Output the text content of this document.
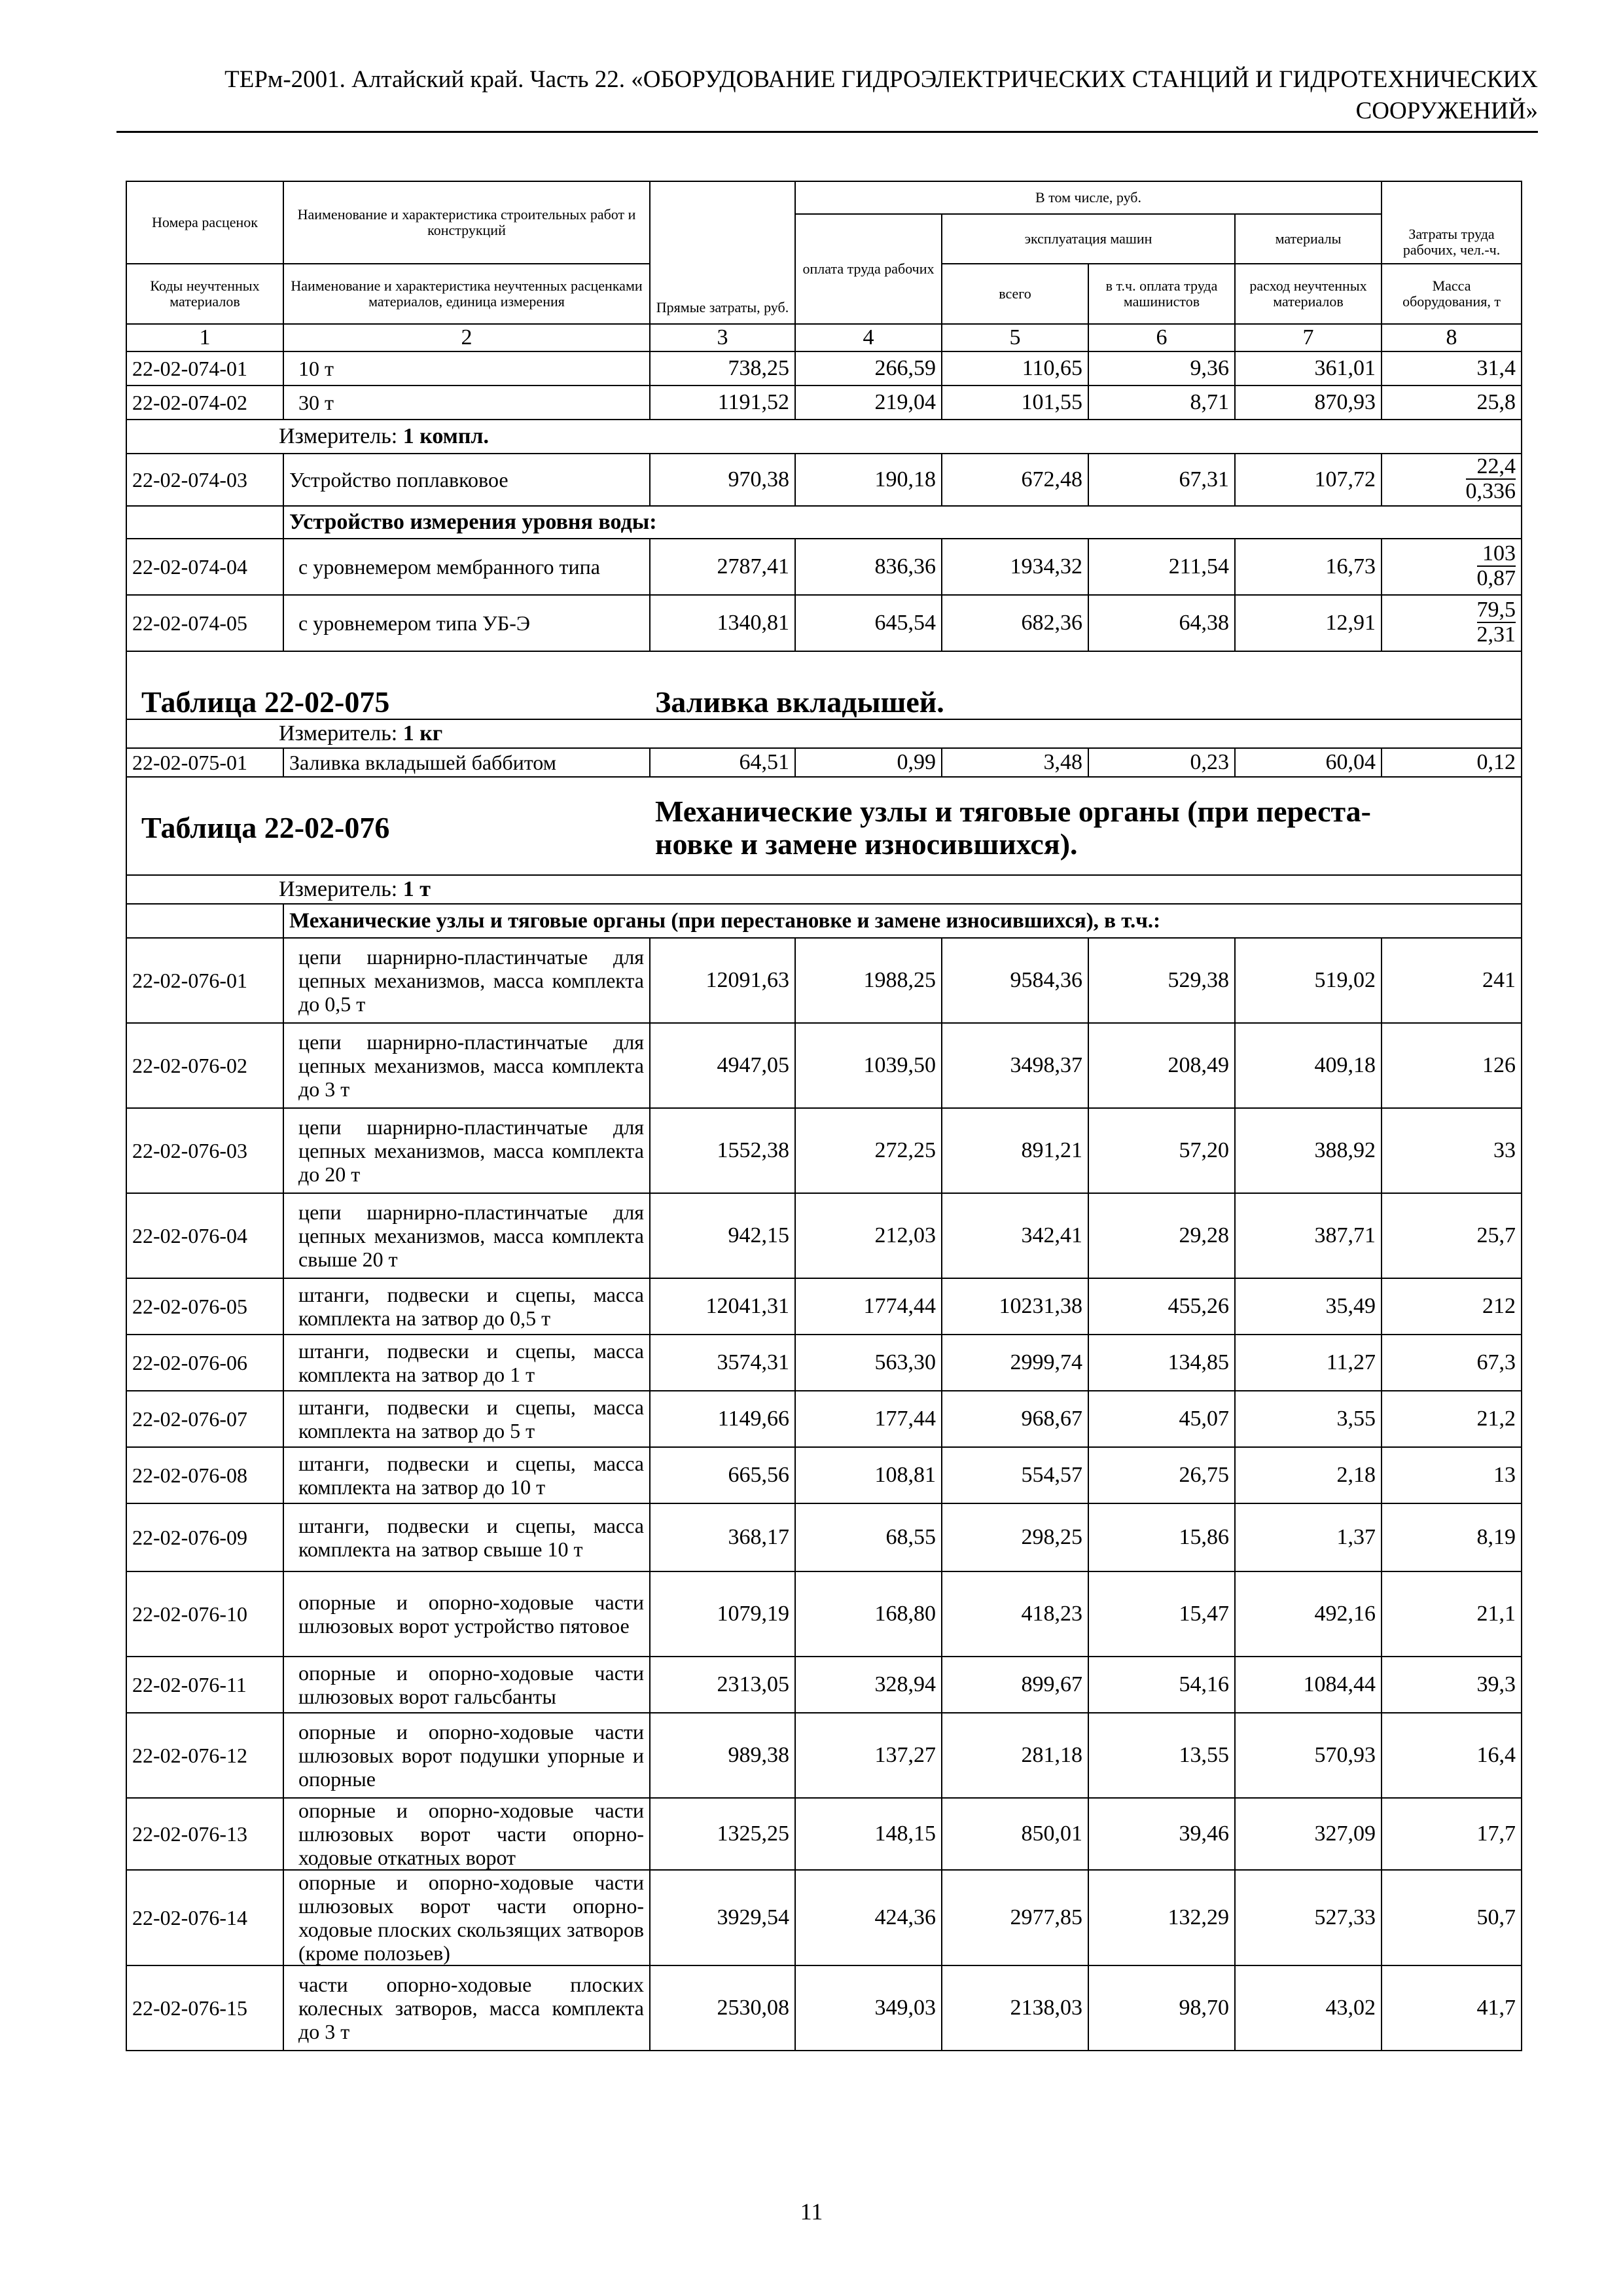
ТЕРм-2001. Алтайский край. Часть 22. «ОБОРУДОВАНИЕ ГИДРОЭЛЕКТРИЧЕСКИХ СТАНЦИЙ И ГИДРОТЕХНИЧЕСКИХ
СООРУЖЕНИЙ»
Номера расценок	Наименование и характеристика строительных работ и конструкций	Прямые затраты, руб.	В том числе, руб.				Затраты труда рабочих, чел.-ч.
			оплата труда рабочих	эксплуатация машин		материалы	
Коды неучтенных материалов	Наименование и характеристика неучтенных расценками материалов, единица измерения			всего	в т.ч. оплата труда машинистов	расход неучтенных материалов	Масса оборудования, т
1	2	3	4	5	6	7	8
22-02-074-01	10 т	738,25	266,59	110,65	9,36	361,01	31,4
22-02-074-02	30 т	1191,52	219,04	101,55	8,71	870,93	25,8
Измеритель: 1 компл.							
22-02-074-03	Устройство поплавковое	970,38	190,18	672,48	67,31	107,72	$\frac{22,4}{0,336}$

	Устройство измерения уровня воды:						
22-02-074-04	с уровнемером мембранного типа	2787,41	836,36	1934,32	211,54	16,73	$\frac{103}{0,87}$

22-02-074-05	с уровнемером типа УБ-Э	1340,81	645,54	682,36	64,38	12,91	$\frac{79,5}{2,31}$

Таблица 22-02-075		Заливка вкладышей.					
Измеритель: 1 кг							
22-02-075-01	Заливка вкладышей баббитом	64,51	0,99	3,48	0,23	60,04	0,12
Таблица 22-02-076		Механические узлы и тяговые органы (при переста-
новке и замене износившихся).					
Измеритель: 1 т							
	Механические узлы и тяговые органы (при перестановке и замене износившихся), в т.ч.:						
22-02-076-01	цепи шарнирно-пластинчатые для цепных механизмов, масса комплекта до 0,5 т	12091,63	1988,25	9584,36	529,38	519,02	241
22-02-076-02	цепи шарнирно-пластинчатые для цепных механизмов, масса комплекта до 3 т	4947,05	1039,50	3498,37	208,49	409,18	126
22-02-076-03	цепи шарнирно-пластинчатые для цепных механизмов, масса комплекта до 20 т	1552,38	272,25	891,21	57,20	388,92	33
22-02-076-04	цепи шарнирно-пластинчатые для цепных механизмов, масса комплекта свыше 20 т	942,15	212,03	342,41	29,28	387,71	25,7
22-02-076-05	штанги, подвески и сцепы, масса комплекта на затвор до 0,5 т	12041,31	1774,44	10231,38	455,26	35,49	212
22-02-076-06	штанги, подвески и сцепы, масса комплекта на затвор до 1 т	3574,31	563,30	2999,74	134,85	11,27	67,3
22-02-076-07	штанги, подвески и сцепы, масса комплекта на затвор до 5 т	1149,66	177,44	968,67	45,07	3,55	21,2
22-02-076-08	штанги, подвески и сцепы, масса комплекта на затвор до 10 т	665,56	108,81	554,57	26,75	2,18	13
22-02-076-09	штанги, подвески и сцепы, масса комплекта на затвор свыше 10 т	368,17	68,55	298,25	15,86	1,37	8,19
22-02-076-10	опорные и опорно-ходовые части шлюзовых ворот устройство пятовое	1079,19	168,80	418,23	15,47	492,16	21,1
22-02-076-11	опорные и опорно-ходовые части шлюзовых ворот гальсбанты	2313,05	328,94	899,67	54,16	1084,44	39,3
22-02-076-12	опорные и опорно-ходовые части шлюзовых ворот подушки упорные и опорные	989,38	137,27	281,18	13,55	570,93	16,4
22-02-076-13	опорные и опорно-ходовые части шлюзовых ворот части опорно-ходовые откатных ворот	1325,25	148,15	850,01	39,46	327,09	17,7
22-02-076-14	опорные и опорно-ходовые части шлюзовых ворот части опорно-ходовые плоских скользящих затворов (кроме полозьев)	3929,54	424,36	2977,85	132,29	527,33	50,7
22-02-076-15	части опорно-ходовые плоских колесных затворов, масса комплекта до 3 т	2530,08	349,03	2138,03	98,70	43,02	41,7
11
